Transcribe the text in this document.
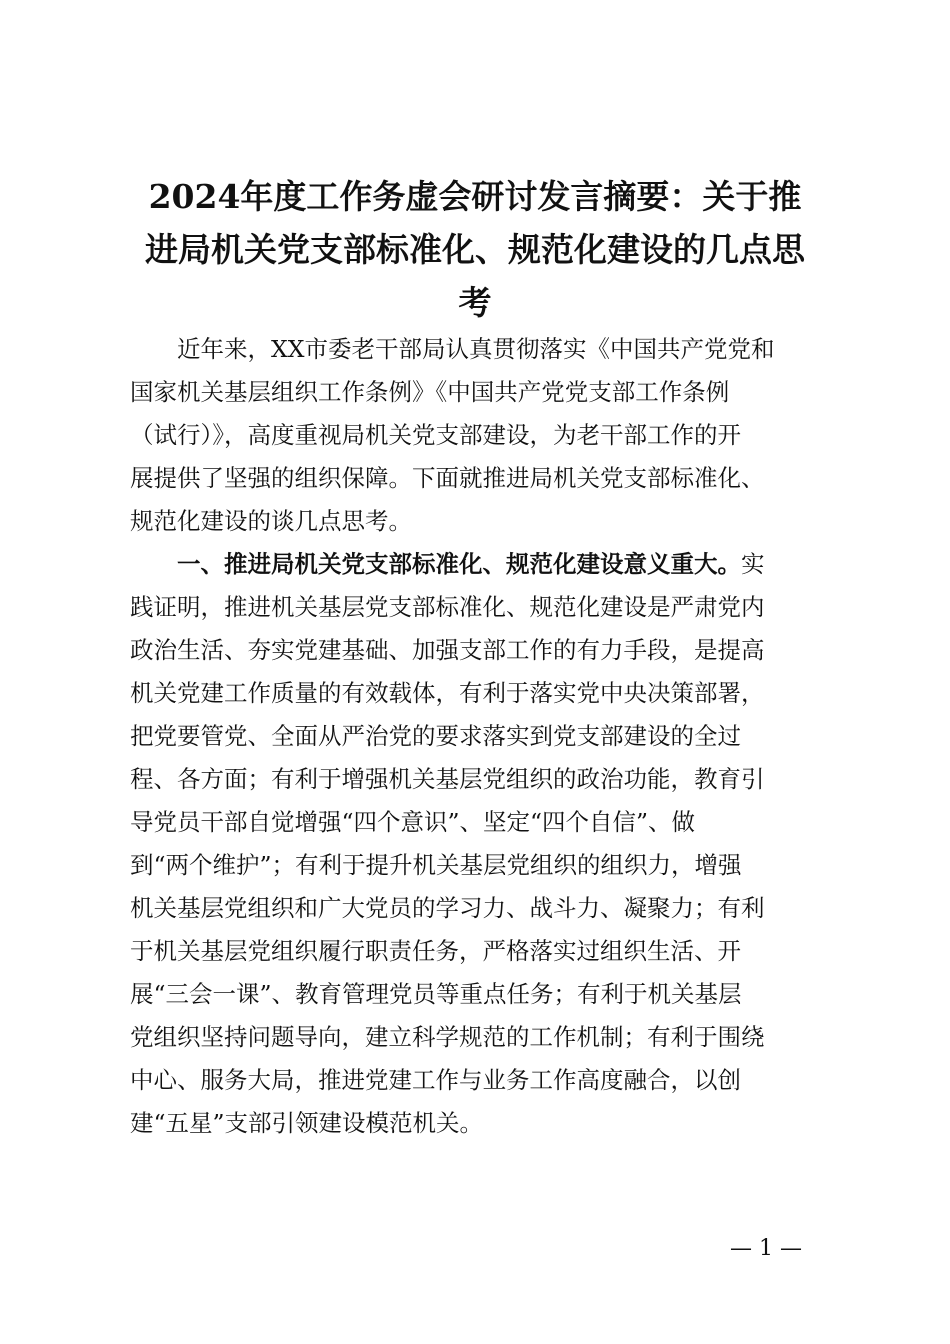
2024年度工作务虚会研讨发言摘要：关于推
进局机关党支部标准化、规范化建设的几点思
考

近年来，XX市委老干部局认真贯彻落实《中国共产党党和
国家机关基层组织工作条例》《中国共产党党支部工作条例
（试行）》，高度重视局机关党支部建设，为老干部工作的开
展提供了坚强的组织保障。下面就推进局机关党支部标准化、
规范化建设的谈几点思考。

一、推进局机关党支部标准化、规范化建设意义重大。实
践证明，推进机关基层党支部标准化、规范化建设是严肃党内
政治生活、夯实党建基础、加强支部工作的有力手段，是提高
机关党建工作质量的有效载体，有利于落实党中央决策部署，
把党要管党、全面从严治党的要求落实到党支部建设的全过
程、各方面；有利于增强机关基层党组织的政治功能，教育引
导党员干部自觉增强“四个意识”、坚定“四个自信”、做
到“两个维护”；有利于提升机关基层党组织的组织力，增强
机关基层党组织和广大党员的学习力、战斗力、凝聚力；有利
于机关基层党组织履行职责任务，严格落实过组织生活、开
展“三会一课”、教育管理党员等重点任务；有利于机关基层
党组织坚持问题导向，建立科学规范的工作机制；有利于围绕
中心、服务大局，推进党建工作与业务工作高度融合，以创
建“五星”支部引领建设模范机关。

— 1 —
